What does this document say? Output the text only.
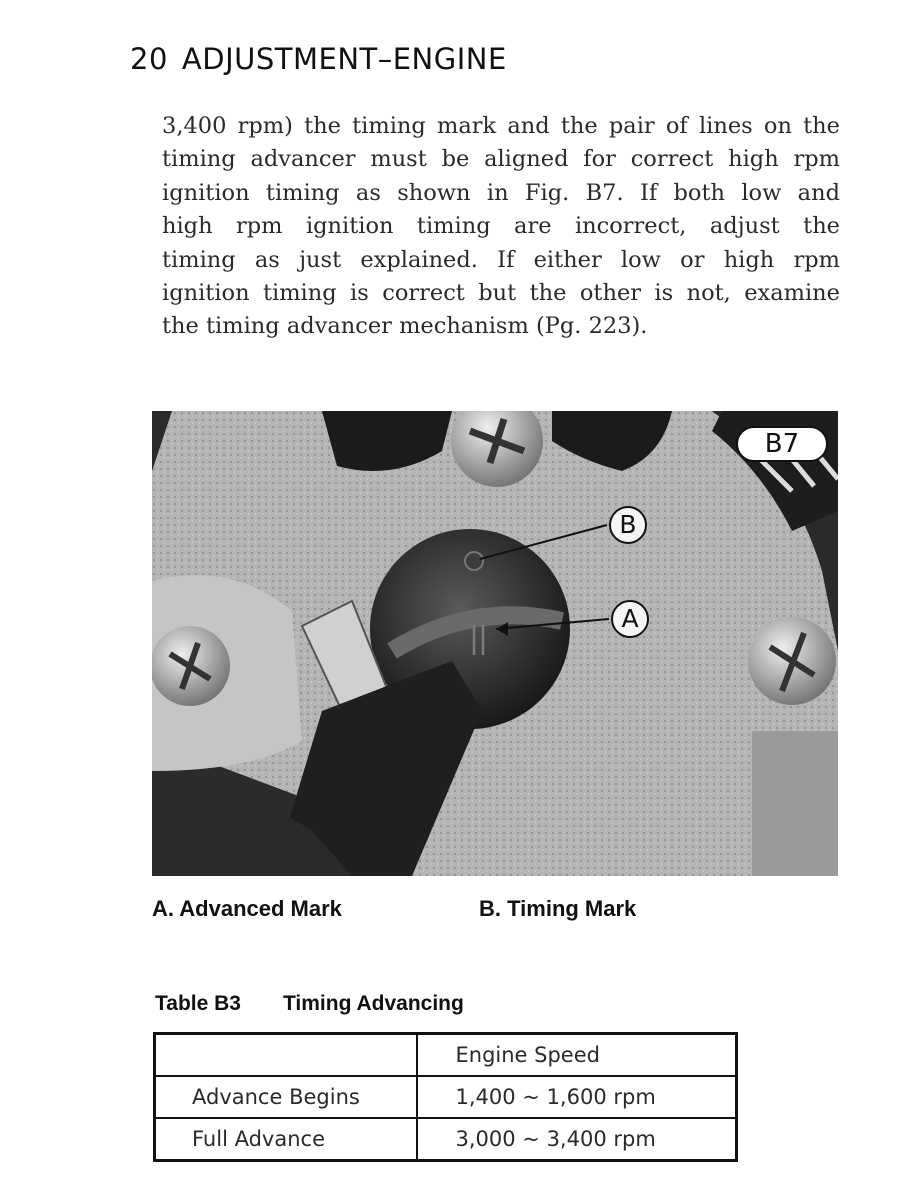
20 ADJUSTMENT–ENGINE
3,400 rpm) the timing mark and the pair of lines on the
timing advancer must be aligned for correct high rpm
ignition timing as shown in Fig. B7. If both low and
high rpm ignition timing are incorrect, adjust the
timing as just explained. If either low or high rpm
ignition timing is correct but the other is not, examine
the timing advancer mechanism (Pg. 223).
B7
B
A
A. Advanced Mark	B. Timing Mark
Table B3 Timing Advancing
	Engine Speed
Advance Begins	1,400 ~ 1,600 rpm
Full Advance	3,000 ~ 3,400 rpm
